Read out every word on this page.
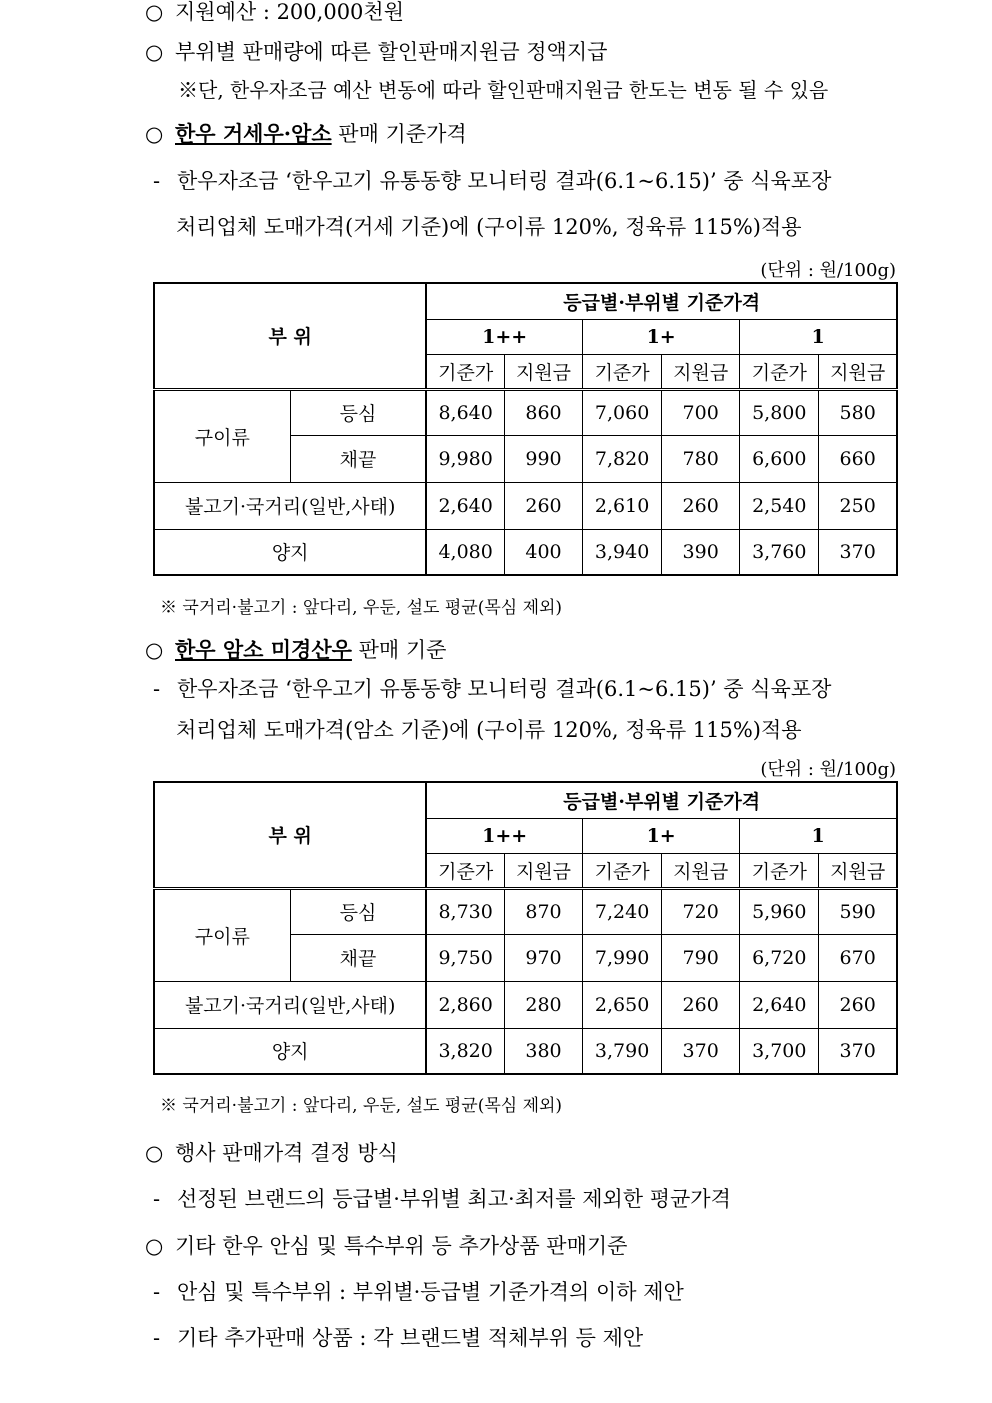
○ 지원예산 : 200,000천원
○ 부위별 판매량에 따른 할인판매지원금 정액지급
※단, 한우자조금 예산 변동에 따라 할인판매지원금 한도는 변동 될 수 있음
○ 한우 거세우·암소 판매 기준가격
- 한우자조금 ‘한우고기 유통동향 모니터링 결과(6.1~6.15)’ 중 식육포장
처리업체 도매가격(거세 기준)에 (구이류 120%, 정육류 115%)적용
(단위 : 원/100g)
부 위		등급별·부위별 기준가격					
		1++		1+		1	
		기준가	지원금	기준가	지원금	기준가	지원금
구이류	등심	8,640	860	7,060	700	5,800	580
	채끝	9,980	990	7,820	780	6,600	660
불고기·국거리(일반,사태)		2,640	260	2,610	260	2,540	250
양지		4,080	400	3,940	390	3,760	370
※ 국거리·불고기 : 앞다리, 우둔, 설도 평균(목심 제외)
○ 한우 암소 미경산우 판매 기준
- 한우자조금 ‘한우고기 유통동향 모니터링 결과(6.1~6.15)’ 중 식육포장
처리업체 도매가격(암소 기준)에 (구이류 120%, 정육류 115%)적용
(단위 : 원/100g)
부 위		등급별·부위별 기준가격					
		1++		1+		1	
		기준가	지원금	기준가	지원금	기준가	지원금
구이류	등심	8,730	870	7,240	720	5,960	590
	채끝	9,750	970	7,990	790	6,720	670
불고기·국거리(일반,사태)		2,860	280	2,650	260	2,640	260
양지		3,820	380	3,790	370	3,700	370
※ 국거리·불고기 : 앞다리, 우둔, 설도 평균(목심 제외)
○ 행사 판매가격 결정 방식
- 선정된 브랜드의 등급별·부위별 최고·최저를 제외한 평균가격
○ 기타 한우 안심 및 특수부위 등 추가상품 판매기준
- 안심 및 특수부위 : 부위별·등급별 기준가격의 이하 제안
- 기타 추가판매 상품 : 각 브랜드별 적체부위 등 제안
